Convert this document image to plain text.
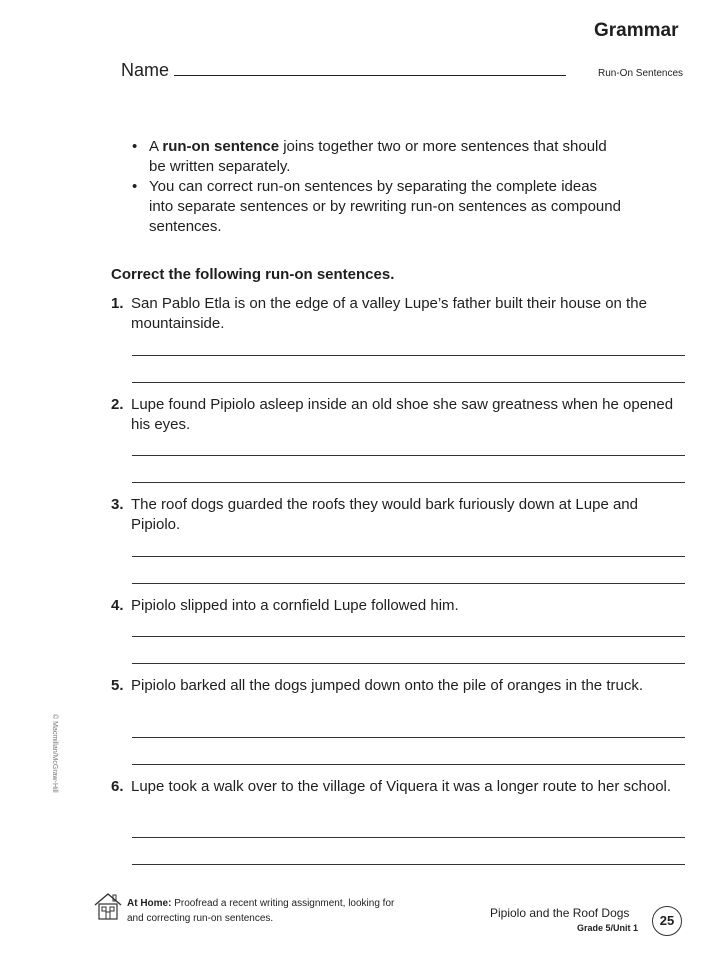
Grammar
Name	Run-On Sentences
• A run-on sentence joins together two or more sentences that should be written separately.
• You can correct run-on sentences by separating the complete ideas into separate sentences or by rewriting run-on sentences as compound sentences.
Correct the following run-on sentences.
1. San Pablo Etla is on the edge of a valley Lupe’s father built their house on the mountainside.
2. Lupe found Pipiolo asleep inside an old shoe she saw greatness when he opened his eyes.
3. The roof dogs guarded the roofs they would bark furiously down at Lupe and Pipiolo.
4. Pipiolo slipped into a cornfield Lupe followed him.
5. Pipiolo barked all the dogs jumped down onto the pile of oranges in the truck.
6. Lupe took a walk over to the village of Viquera it was a longer route to her school.
© Macmillan/McGraw-Hill
At Home: Proofread a recent writing assignment, looking for and correcting run-on sentences.	Pipiolo and the Roof Dogs
Grade 5/Unit 1	25
